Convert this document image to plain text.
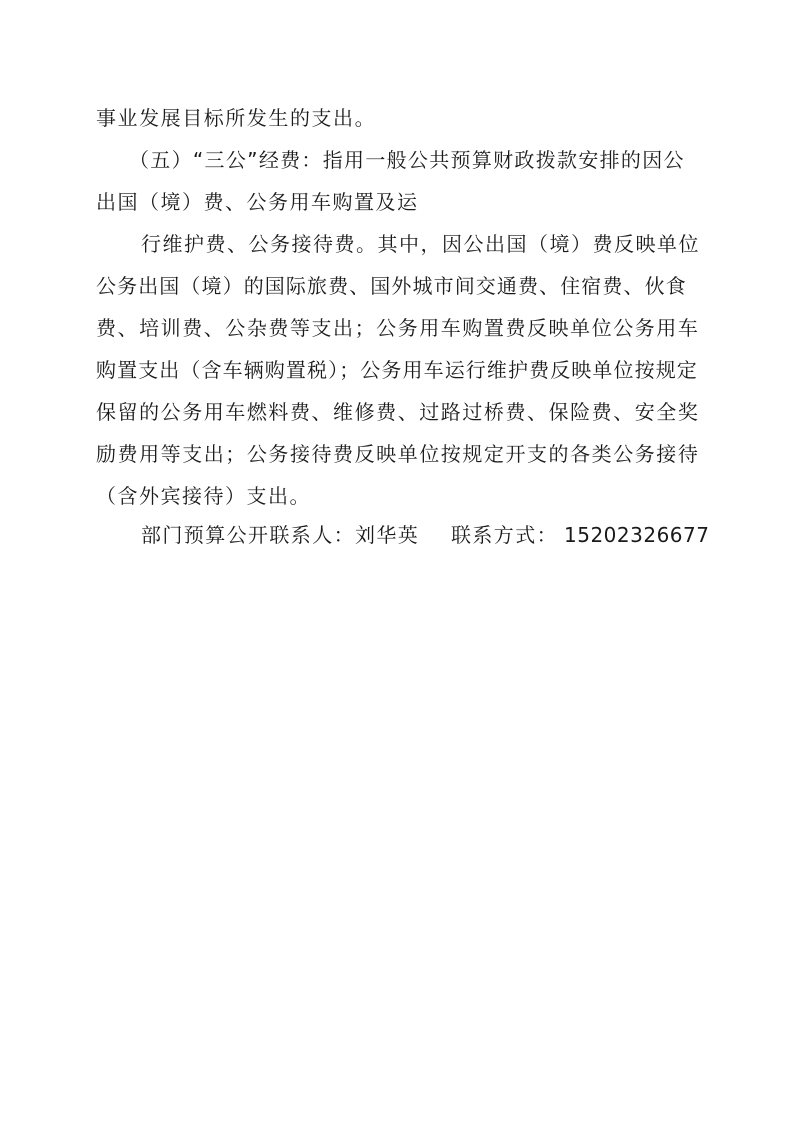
事业发展目标所发生的支出。
（五）“三公”经费：指用一般公共预算财政拨款安排的因公
出国（境）费、公务用车购置及运
行维护费、公务接待费。其中，因公出国（境）费反映单位
公务出国（境）的国际旅费、国外城市间交通费、住宿费、伙食
费、培训费、公杂费等支出；公务用车购置费反映单位公务用车
购置支出（含车辆购置税）；公务用车运行维护费反映单位按规定
保留的公务用车燃料费、维修费、过路过桥费、保险费、安全奖
励费用等支出；公务接待费反映单位按规定开支的各类公务接待
（含外宾接待）支出。
部门预算公开联系人：刘华英 联系方式： 15202326677
